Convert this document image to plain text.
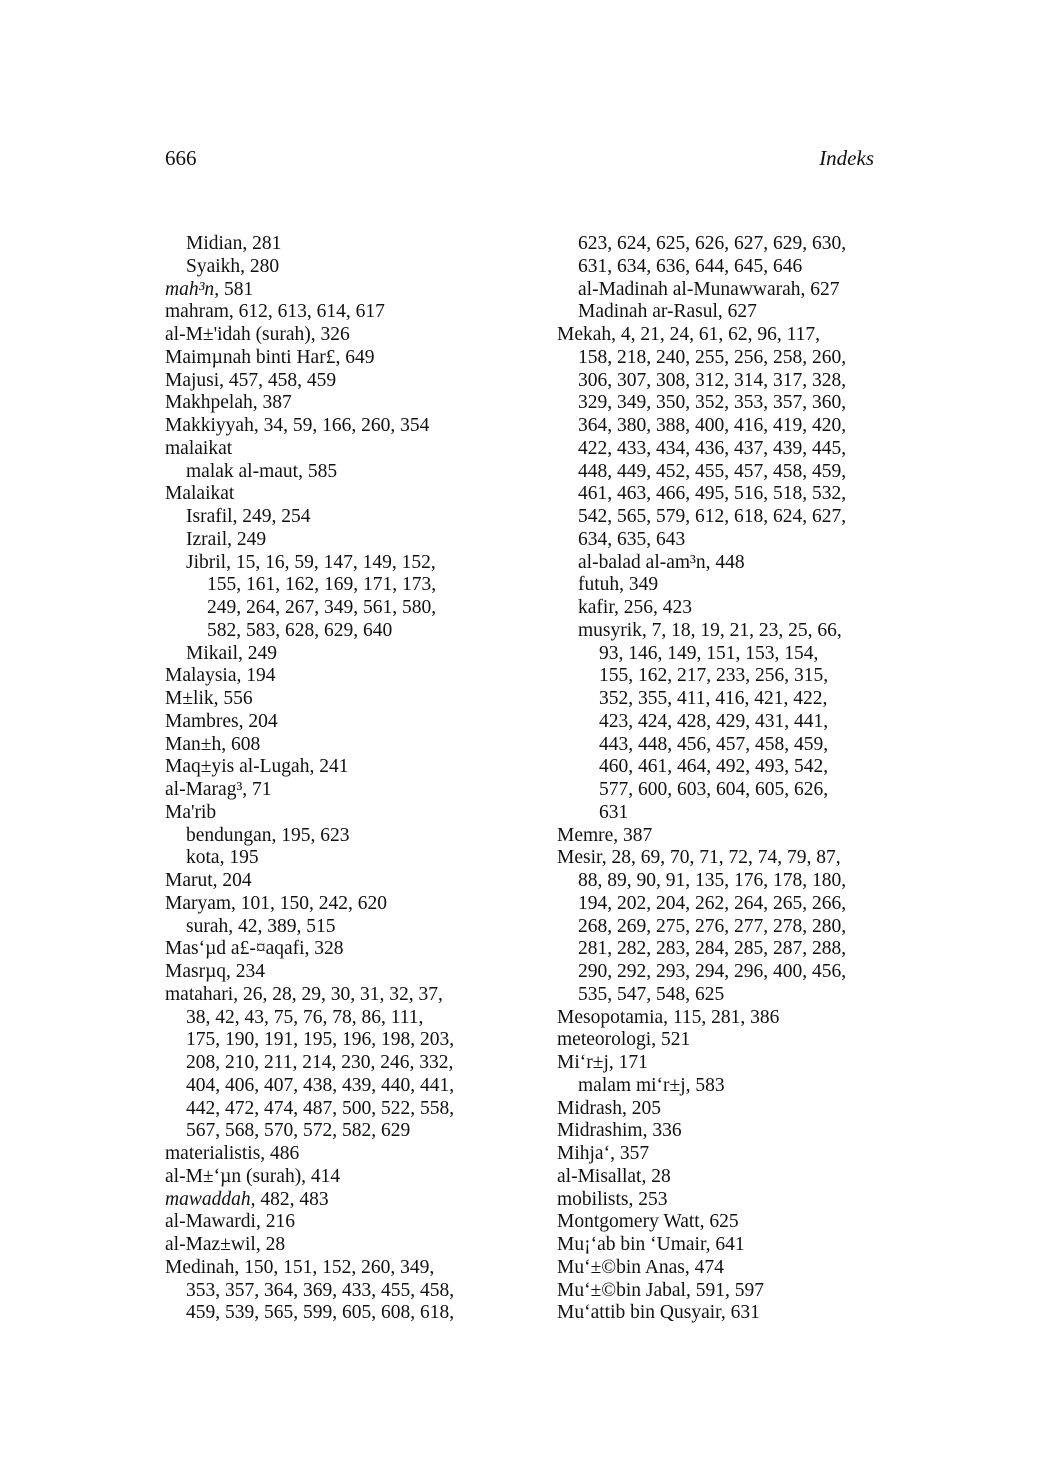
666	Indeks
Midian, 281
Syaikh, 280
mah³n, 581
mahram, 612, 613, 614, 617
al-M±'idah (surah), 326
Maimµnah binti Har£, 649
Majusi, 457, 458, 459
Makhpelah, 387
Makkiyyah, 34, 59, 166, 260, 354
malaikat
malak al-maut, 585
Malaikat
Israfil, 249, 254
Izrail, 249
Jibril, 15, 16, 59, 147, 149, 152,
155, 161, 162, 169, 171, 173,
249, 264, 267, 349, 561, 580,
582, 583, 628, 629, 640
Mikail, 249
Malaysia, 194
M±lik, 556
Mambres, 204
Man±h, 608
Maq±yis al-Lugah, 241
al-Marag³, 71
Ma'rib
bendungan, 195, 623
kota, 195
Marut, 204
Maryam, 101, 150, 242, 620
surah, 42, 389, 515
Mas‘µd a£-¤aqafi, 328
Masrµq, 234
matahari, 26, 28, 29, 30, 31, 32, 37,
38, 42, 43, 75, 76, 78, 86, 111,
175, 190, 191, 195, 196, 198, 203,
208, 210, 211, 214, 230, 246, 332,
404, 406, 407, 438, 439, 440, 441,
442, 472, 474, 487, 500, 522, 558,
567, 568, 570, 572, 582, 629
materialistis, 486
al-M±‘µn (surah), 414
mawaddah, 482, 483
al-Mawardi, 216
al-Maz±wil, 28
Medinah, 150, 151, 152, 260, 349,
353, 357, 364, 369, 433, 455, 458,
459, 539, 565, 599, 605, 608, 618,
623, 624, 625, 626, 627, 629, 630,
631, 634, 636, 644, 645, 646
al-Madinah al-Munawwarah, 627
Madinah ar-Rasul, 627
Mekah, 4, 21, 24, 61, 62, 96, 117,
158, 218, 240, 255, 256, 258, 260,
306, 307, 308, 312, 314, 317, 328,
329, 349, 350, 352, 353, 357, 360,
364, 380, 388, 400, 416, 419, 420,
422, 433, 434, 436, 437, 439, 445,
448, 449, 452, 455, 457, 458, 459,
461, 463, 466, 495, 516, 518, 532,
542, 565, 579, 612, 618, 624, 627,
634, 635, 643
al-balad al-am³n, 448
futuh, 349
kafir, 256, 423
musyrik, 7, 18, 19, 21, 23, 25, 66,
93, 146, 149, 151, 153, 154,
155, 162, 217, 233, 256, 315,
352, 355, 411, 416, 421, 422,
423, 424, 428, 429, 431, 441,
443, 448, 456, 457, 458, 459,
460, 461, 464, 492, 493, 542,
577, 600, 603, 604, 605, 626,
631
Memre, 387
Mesir, 28, 69, 70, 71, 72, 74, 79, 87,
88, 89, 90, 91, 135, 176, 178, 180,
194, 202, 204, 262, 264, 265, 266,
268, 269, 275, 276, 277, 278, 280,
281, 282, 283, 284, 285, 287, 288,
290, 292, 293, 294, 296, 400, 456,
535, 547, 548, 625
Mesopotamia, 115, 281, 386
meteorologi, 521
Mi‘r±j, 171
malam mi‘r±j, 583
Midrash, 205
Midrashim, 336
Mihja‘, 357
al-Misallat, 28
mobilists, 253
Montgomery Watt, 625
Mu¡‘ab bin ‘Umair, 641
Mu‘±©bin Anas, 474
Mu‘±©bin Jabal, 591, 597
Mu‘attib bin Qusyair, 631
